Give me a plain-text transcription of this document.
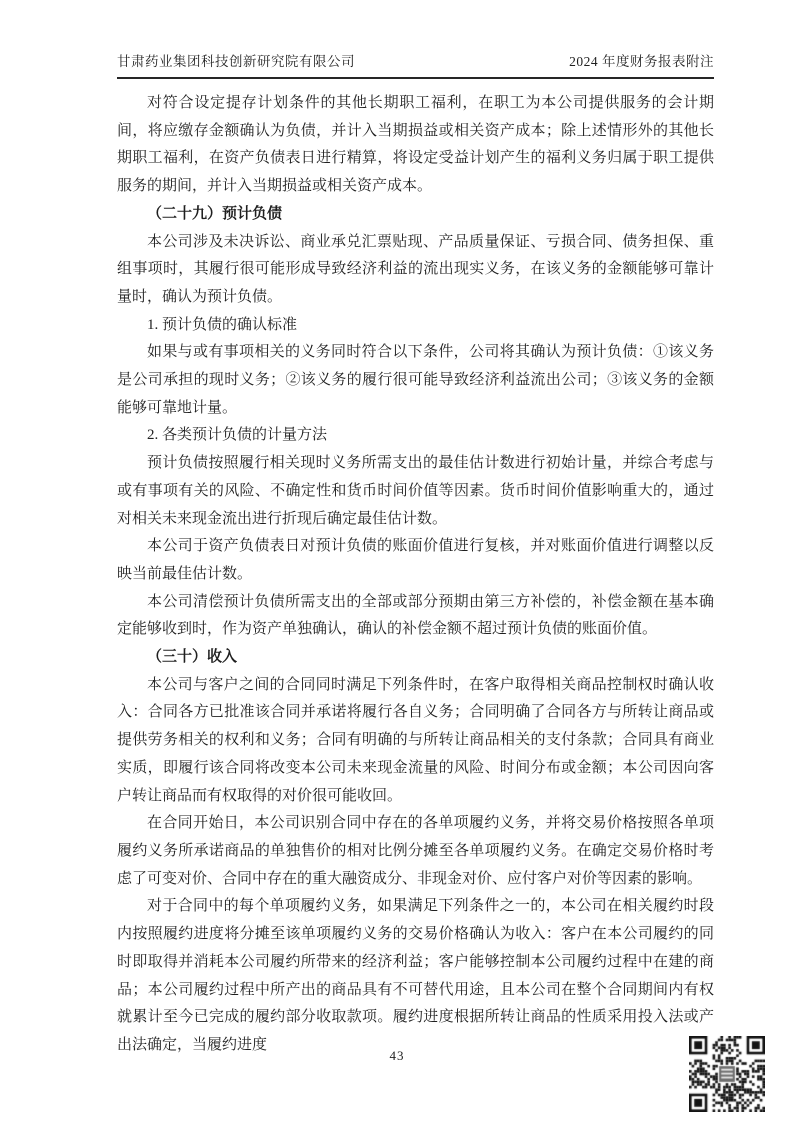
甘肃药业集团科技创新研究院有限公司	2024 年度财务报表附注

对符合设定提存计划条件的其他长期职工福利，在职工为本公司提供服务的会计期间，将应缴存金额确认为负债，并计入当期损益或相关资产成本；除上述情形外的其他长期职工福利，在资产负债表日进行精算，将设定受益计划产生的福利义务归属于职工提供服务的期间，并计入当期损益或相关资产成本。

（二十九）预计负债

本公司涉及未决诉讼、商业承兑汇票贴现、产品质量保证、亏损合同、债务担保、重组事项时，其履行很可能形成导致经济利益的流出现实义务，在该义务的金额能够可靠计量时，确认为预计负债。

1. 预计负债的确认标准

如果与或有事项相关的义务同时符合以下条件，公司将其确认为预计负债：①该义务是公司承担的现时义务；②该义务的履行很可能导致经济利益流出公司；③该义务的金额能够可靠地计量。

2. 各类预计负债的计量方法

预计负债按照履行相关现时义务所需支出的最佳估计数进行初始计量，并综合考虑与或有事项有关的风险、不确定性和货币时间价值等因素。货币时间价值影响重大的，通过对相关未来现金流出进行折现后确定最佳估计数。

本公司于资产负债表日对预计负债的账面价值进行复核，并对账面价值进行调整以反映当前最佳估计数。

本公司清偿预计负债所需支出的全部或部分预期由第三方补偿的，补偿金额在基本确定能够收到时，作为资产单独确认，确认的补偿金额不超过预计负债的账面价值。

（三十）收入

本公司与客户之间的合同同时满足下列条件时，在客户取得相关商品控制权时确认收入：合同各方已批准该合同并承诺将履行各自义务；合同明确了合同各方与所转让商品或提供劳务相关的权利和义务；合同有明确的与所转让商品相关的支付条款；合同具有商业实质，即履行该合同将改变本公司未来现金流量的风险、时间分布或金额；本公司因向客户转让商品而有权取得的对价很可能收回。

在合同开始日，本公司识别合同中存在的各单项履约义务，并将交易价格按照各单项履约义务所承诺商品的单独售价的相对比例分摊至各单项履约义务。在确定交易价格时考虑了可变对价、合同中存在的重大融资成分、非现金对价、应付客户对价等因素的影响。

对于合同中的每个单项履约义务，如果满足下列条件之一的，本公司在相关履约时段内按照履约进度将分摊至该单项履约义务的交易价格确认为收入：客户在本公司履约的同时即取得并消耗本公司履约所带来的经济利益；客户能够控制本公司履约过程中在建的商品；本公司履约过程中所产出的商品具有不可替代用途，且本公司在整个合同期间内有权就累计至今已完成的履约部分收取款项。履约进度根据所转让商品的性质采用投入法或产出法确定，当履约进度

43
